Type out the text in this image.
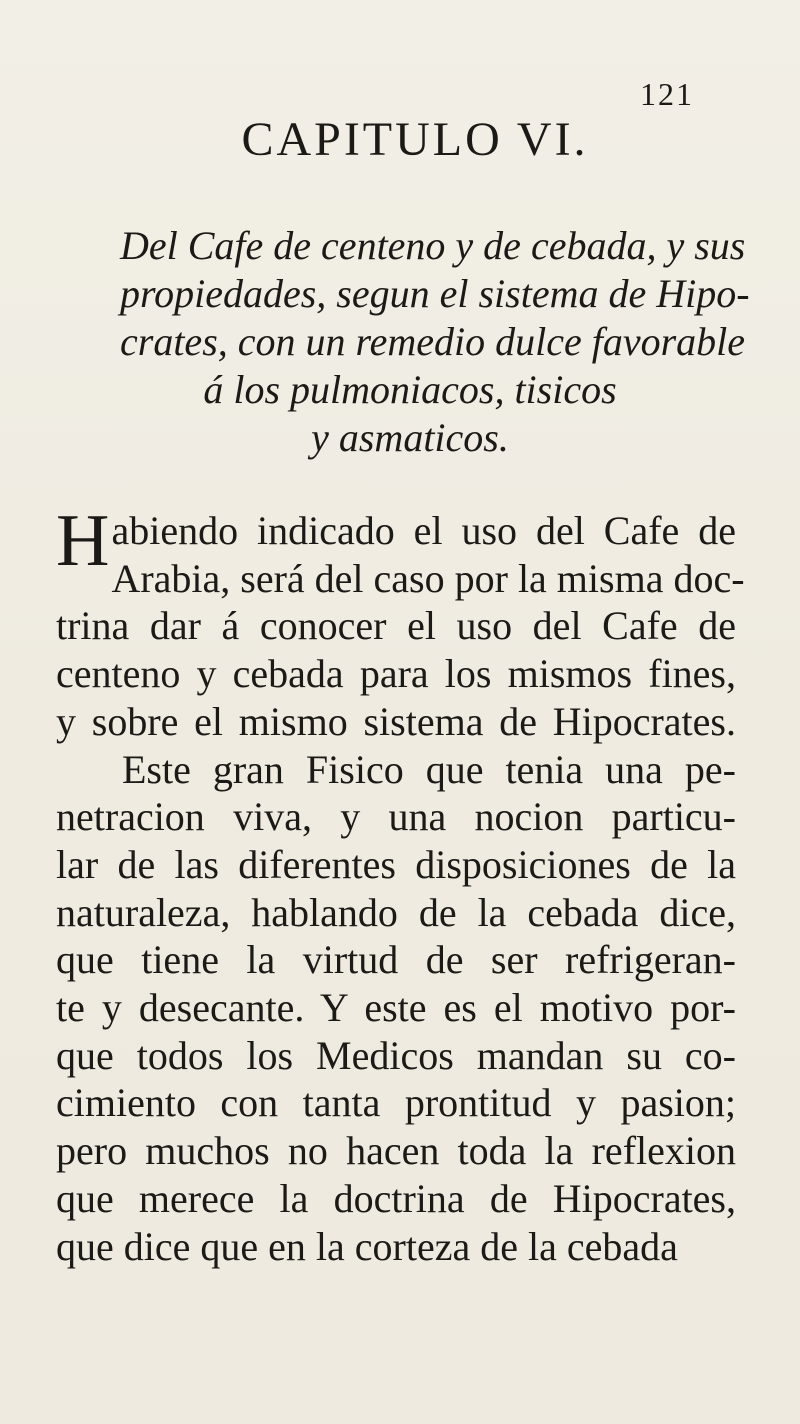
121
CAPITULO VI.
Del Cafe de centeno y de cebada, y sus
propiedades, segun el sistema de Hipo-
crates, con un remedio dulce favorable
á los pulmoniacos, tisicos
y asmaticos.
Habiendo indicado el uso del Cafe de
Arabia, será del caso por la misma doc-
trina dar á conocer el uso del Cafe de
centeno y cebada para los mismos fines,
y sobre el mismo sistema de Hipocrates.
Este gran Fisico que tenia una pe-
netracion viva, y una nocion particu-
lar de las diferentes disposiciones de la
naturaleza, hablando de la cebada dice,
que tiene la virtud de ser refrigeran-
te y desecante. Y este es el motivo por-
que todos los Medicos mandan su co-
cimiento con tanta prontitud y pasion;
pero muchos no hacen toda la reflexion
que merece la doctrina de Hipocrates,
que dice que en la corteza de la cebada
